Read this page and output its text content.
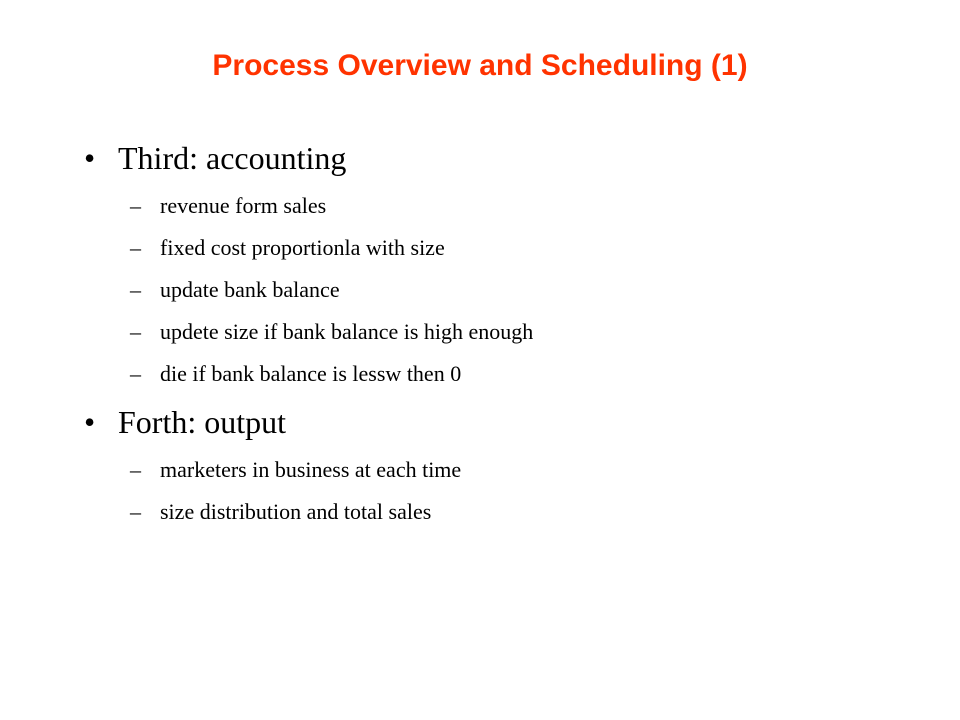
Process Overview and Scheduling (1)
• Third: accounting
– revenue form sales
– fixed cost proportionla with size
– update bank balance
– updete size if bank balance is high enough
– die if bank balance is lessw then 0
• Forth: output
– marketers in business at each time
– size distribution and total sales
